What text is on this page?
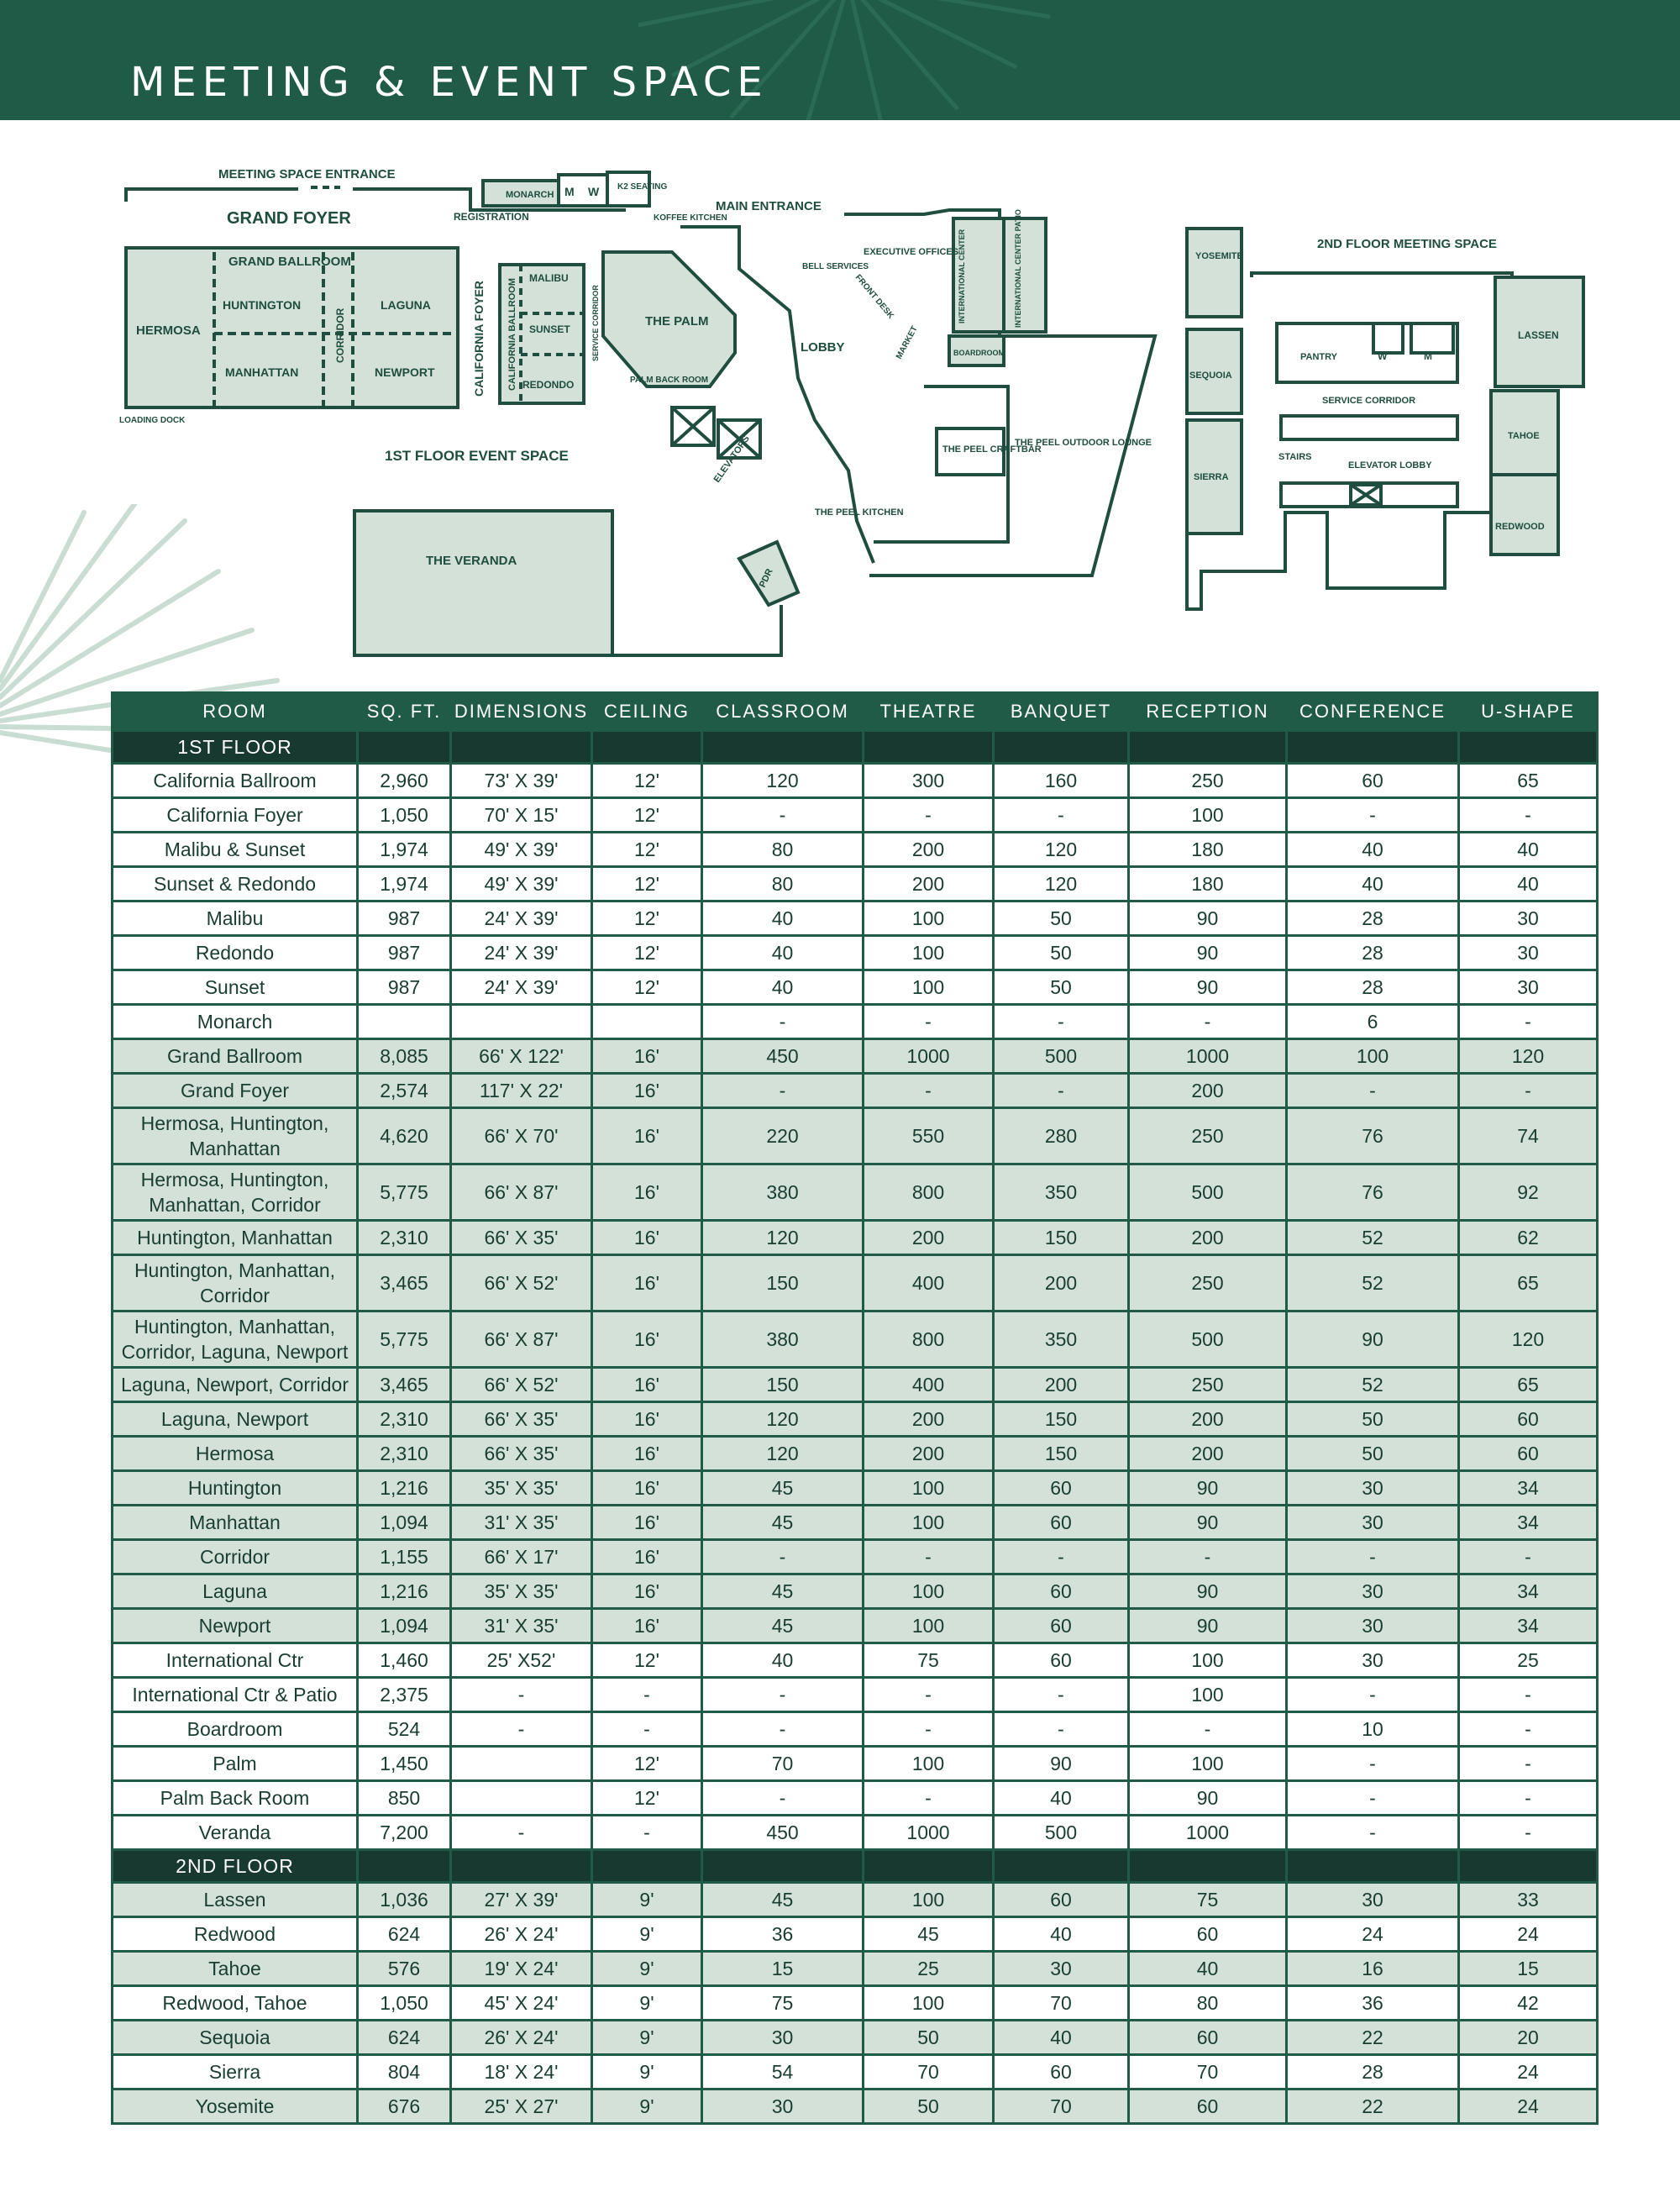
MEETING & EVENT SPACE
MEETING SPACE ENTRANCE
GRAND FOYER
GRAND BALLROOM
REGISTRATION
MONARCH M W K2 SEATING
KOFFEE KITCHEN
MAIN ENTRANCE
HERMOSA
HUNTINGTON	LAGUNA
MANHATTAN	NEWPORT
CORRIDOR
LOADING DOCK
CALIFORNIA FOYER CALIFORNIA BALLROOM	SERVICE CORRIDOR
MALIBU
SUNSET
REDONDO
THE PALM
PALM BACK ROOM
LOBBY
BELL SERVICES
EXECUTIVE OFFICES
FRONT DESK
MARKET
INTERNATIONAL CENTER	INTERNATIONAL CENTER PATIO
BOARDROOM
ELEVATORS	THE PEEL CRAFTBAR
THE PEEL OUTDOOR LOUNGE
THE PEEL KITCHEN
PDR
THE VERANDA
1ST FLOOR EVENT SPACE
2ND FLOOR MEETING SPACE
YOSEMITE
SEQUOIA
SIERRA
PANTRY	W	M
LASSEN
SERVICE CORRIDOR
STAIRS
ELEVATOR LOBBY
TAHOE
REDWOOD
ROOM	SQ. FT.	DIMENSIONS	CEILING	CLASSROOM	THEATRE	BANQUET	RECEPTION	CONFERENCE	U-SHAPE
1ST FLOOR									
California Ballroom	2,960	73' X 39'	12'	120	300	160	250	60	65
California Foyer	1,050	70' X 15'	12'	-	-	-	100	-	-
Malibu & Sunset	1,974	49' X 39'	12'	80	200	120	180	40	40
Sunset & Redondo	1,974	49' X 39'	12'	80	200	120	180	40	40
Malibu	987	24' X 39'	12'	40	100	50	90	28	30
Redondo	987	24' X 39'	12'	40	100	50	90	28	30
Sunset	987	24' X 39'	12'	40	100	50	90	28	30
Monarch				-	-	-	-	6	-
Grand Ballroom	8,085	66' X 122'	16'	450	1000	500	1000	100	120
Grand Foyer	2,574	117' X 22'	16'	-	-	-	200	-	-
Hermosa, Huntington, Manhattan	4,620	66' X 70'	16'	220	550	280	250	76	74
Hermosa, Huntington, Manhattan, Corridor	5,775	66' X 87'	16'	380	800	350	500	76	92
Huntington, Manhattan	2,310	66' X 35'	16'	120	200	150	200	52	62
Huntington, Manhattan, Corridor	3,465	66' X 52'	16'	150	400	200	250	52	65
Huntington, Manhattan, Corridor, Laguna, Newport	5,775	66' X 87'	16'	380	800	350	500	90	120
Laguna, Newport, Corridor	3,465	66' X 52'	16'	150	400	200	250	52	65
Laguna, Newport	2,310	66' X 35'	16'	120	200	150	200	50	60
Hermosa	2,310	66' X 35'	16'	120	200	150	200	50	60
Huntington	1,216	35' X 35'	16'	45	100	60	90	30	34
Manhattan	1,094	31' X 35'	16'	45	100	60	90	30	34
Corridor	1,155	66' X 17'	16'	-	-	-	-	-	-
Laguna	1,216	35' X 35'	16'	45	100	60	90	30	34
Newport	1,094	31' X 35'	16'	45	100	60	90	30	34
International Ctr	1,460	25' X52'	12'	40	75	60	100	30	25
International Ctr & Patio	2,375	-	-	-	-	-	100	-	-
Boardroom	524	-	-	-	-	-	-	10	-
Palm	1,450		12'	70	100	90	100	-	-
Palm Back Room	850		12'	-	-	40	90	-	-
Veranda	7,200	-	-	450	1000	500	1000	-	-
2ND FLOOR									
Lassen	1,036	27' X 39'	9'	45	100	60	75	30	33
Redwood	624	26' X 24'	9'	36	45	40	60	24	24
Tahoe	576	19' X 24'	9'	15	25	30	40	16	15
Redwood, Tahoe	1,050	45' X 24'	9'	75	100	70	80	36	42
Sequoia	624	26' X 24'	9'	30	50	40	60	22	20
Sierra	804	18' X 24'	9'	54	70	60	70	28	24
Yosemite	676	25' X 27'	9'	30	50	70	60	22	24
